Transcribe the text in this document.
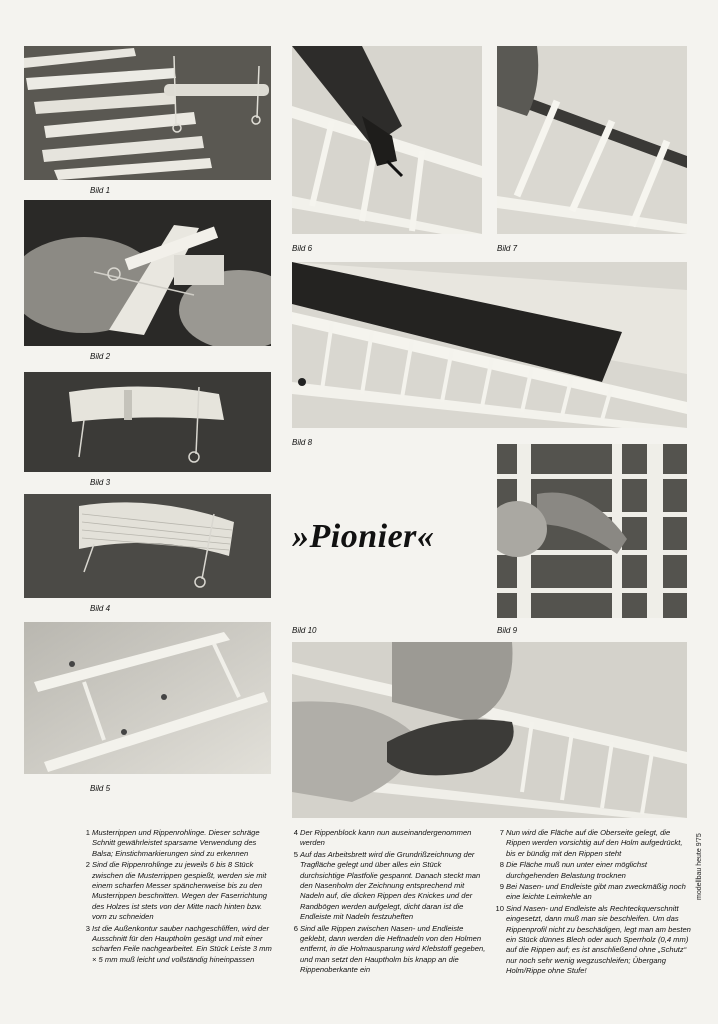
Bild 1
Bild 2
Bild 3
Bild 4
Bild 5
Bild 6	Bild 7
Bild 8
Bild 9
»Pionier«
Bild 10
1 Musterrippen und Rippenrohlinge. Dieser schräge Schnitt gewährleistet sparsame Verwendung des Balsa; Einstichmarkierungen sind zu erkennen
2 Sind die Rippenrohlinge zu jeweils 6 bis 8 Stück zwischen die Musterrippen gespießt, werden sie mit einem scharfen Messer spänchenweise bis zu den Musterrippen beschnitten. Wegen der Faserrichtung des Holzes ist stets von der Mitte nach hinten bzw. vorn zu schneiden
3 Ist die Außenkontur sauber nachgeschliffen, wird der Ausschnitt für den Hauptholm gesägt und mit einer scharfen Feile nachgearbeitet. Ein Stück Leiste 3 mm × 5 mm muß leicht und vollständig hineinpassen
4 Der Rippenblock kann nun auseinandergenommen werden
5 Auf das Arbeitsbrett wird die Grundrißzeichnung der Tragfläche gelegt und über alles ein Stück durchsichtige Plastfolie gespannt. Danach steckt man den Nasenholm der Zeichnung entsprechend mit Nadeln auf, die dicken Rippen des Knickes und der Randbögen werden aufgelegt, dicht daran ist die Endleiste mit Nadeln festzuheften
6 Sind alle Rippen zwischen Nasen- und Endleiste geklebt, dann werden die Heftnadeln von den Holmen entfernt, in die Holmausparung wird Klebstoff gegeben, und man setzt den Hauptholm bis knapp an die Rippenoberkante ein
7 Nun wird die Fläche auf die Oberseite gelegt, die Rippen werden vorsichtig auf den Holm aufgedrückt, bis er bündig mit den Rippen steht
8 Die Fläche muß nun unter einer möglichst durchgehenden Belastung trocknen
9 Bei Nasen- und Endleiste gibt man zweckmäßig noch eine leichte Leimkehle an
10 Sind Nasen- und Endleiste als Rechteckquerschnitt eingesetzt, dann muß man sie beschleifen. Um das Rippenprofil nicht zu beschädigen, legt man am besten ein Stück dünnes Blech oder auch Sperrholz (0,4 mm) auf die Rippen auf; es ist anschließend ohne „Schutz“ nur noch sehr wenig wegzuschleifen; Übergang Holm/Rippe ohne Stufe!
modellbau heute 9'75
